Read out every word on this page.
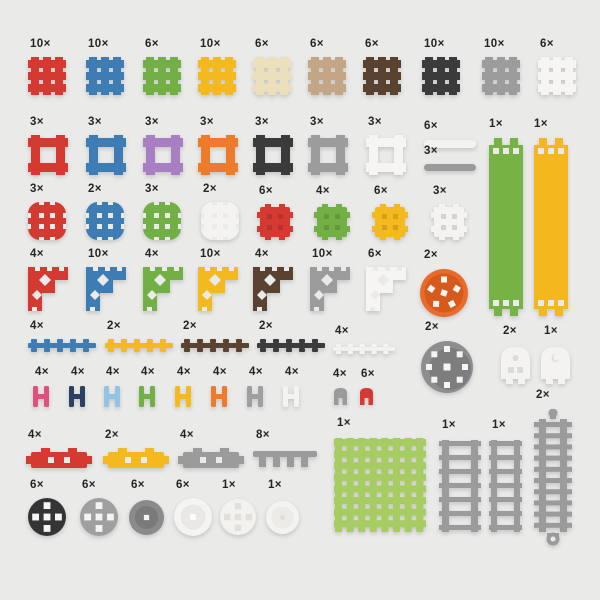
10×	10×	6×	10×	6×	6×	6×	10×	10×	6×
3×	3×	3×	3×	3×	3×	3×	6×
3×
1×	1×
3×	2×	3×	2×	6×	4×	6×	3×
4×	10×	4×	10×	4×	10×	6×	2×
4×	2×	2×	2×	4×	2×	2× 1×
4× 4× 4× 4× 4× 4× 4× 4×	4× 6×
4×	2×	4×	8×
1×	1×	1×
2×
6×	6×	6×	6×	1×	1×
